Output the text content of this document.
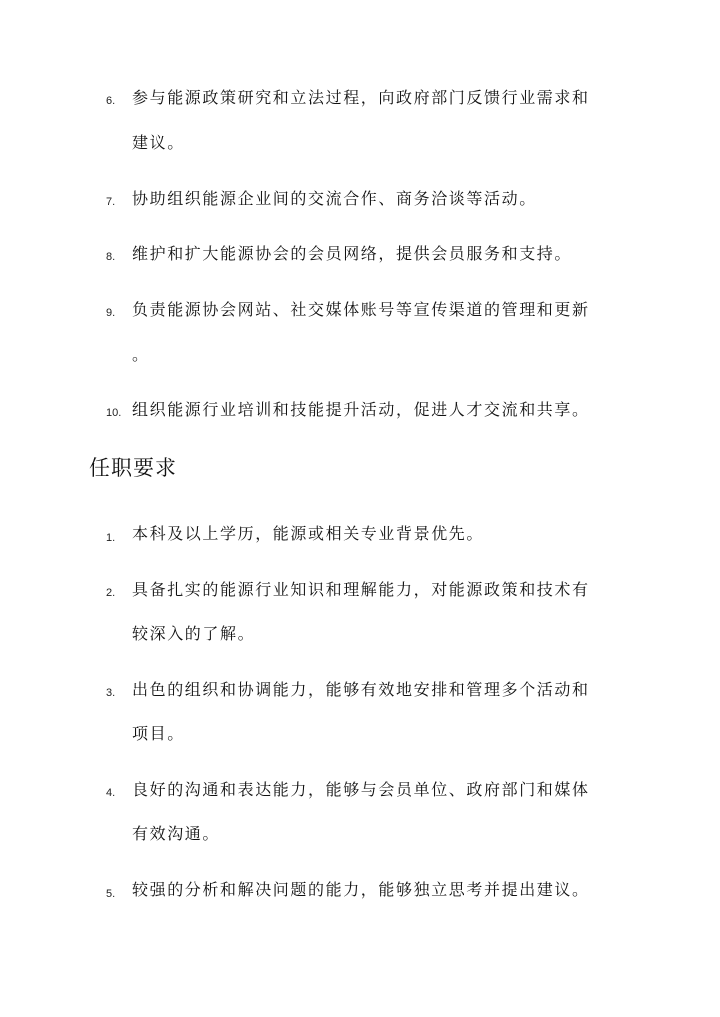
6. 参与能源政策研究和立法过程，向政府部门反馈行业需求和
建议。
7. 协助组织能源企业间的交流合作、商务洽谈等活动。
8. 维护和扩大能源协会的会员网络，提供会员服务和支持。
9. 负责能源协会网站、社交媒体账号等宣传渠道的管理和更新
。
10. 组织能源行业培训和技能提升活动，促进人才交流和共享。
任职要求
1. 本科及以上学历，能源或相关专业背景优先。
2. 具备扎实的能源行业知识和理解能力，对能源政策和技术有
较深入的了解。
3. 出色的组织和协调能力，能够有效地安排和管理多个活动和
项目。
4. 良好的沟通和表达能力，能够与会员单位、政府部门和媒体
有效沟通。
5. 较强的分析和解决问题的能力，能够独立思考并提出建议。
